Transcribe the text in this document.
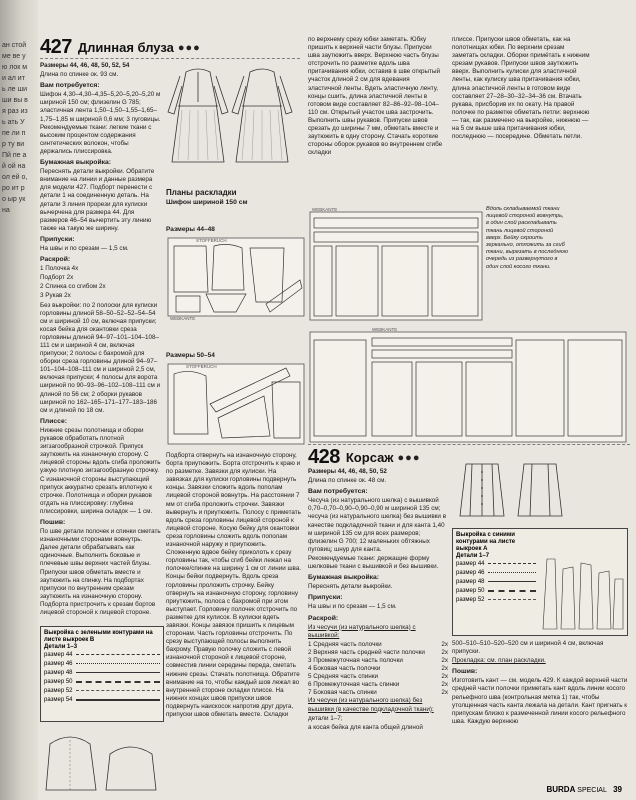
ан стой ме ве ую лок ми ал ить ле ши ши вы вя раз изь ать Упе ли пр ту ви Пй пе ай ой на ол ей о, ро ит ро ыр ук на
427 Длинная блуза ●●●

Размеры 44, 46, 48, 50, 52, 54

Длина по спинке ок. 93 см.

Вам потребуется:

Шифон 4,30–4,30–4,35–5,20–5,20–5,20 м шириной 150 см; флизелин G 785; эластичная лента 1,50–1,50–1,55–1,65–1,75–1,85 м шириной 0,6 мм; 3 пуговицы. Рекомендуемые ткани: легкие ткани с высоким процентом содержания синтетических волокон, чтобы держались плиссировка.

Бумажная выкройка:

Переснять детали выкройки. Обратите внимание на линии и данные размера для модели 427. Подборт перенести с детали 1 на соединенную деталь. На детали 3 линия прорези для кулиски вычерчена для размера 44. Для размеров 46–54 вычертить эту линию также на такую же ширину.

Припуски:

На швы и по срезам — 1,5 см.

Раскрой:

1 Полочка 4x

Подборт 2x

2 Спинка со сгибом 2x

3 Рукав 2x

Без выкройки: по 2 полоски для кулиски горловины длиной 58–50–52–52–54–54 см и шириной 10 см, включая припуски; косая бейка для окантовки среза горловины длиной 94–97–101–104–108–111 см и шириной 4 см, включая припуски; 2 полосы с бахромой для оборки среза горловины длиной 94–97–101–104–108–111 см и шириной 2,5 см, включая припуски; 4 полосы для ворота шириной по 90–93–96–102–108–111 см и длиной по 56 см; 2 оборки рукавов шириной по 162–165–171–177–183–186 см и длиной по 18 см.

Плиссе:

Нижние срезы полотнища и оборки рукавов обработать плотной зигзагообразной строчкой. Припуск заутюжить на изнаночную сторону. С лицевой стороны вдоль сгиба проложить узкую плотную зигзагообразную строчку. С изнаночной стороны выступающий припуск аккуратно срезать вплотную к строчке. Полотнища и оборки рукавов отдать на плиссировку: глубина плиссировки, ширина складок — 1 см.

Пошив:

По шве детали полочек и спинки сметать изнаночными сторонами вовнутрь. Далее детали обрабатывать как одиночные. Выполнить боковые и плечевые швы верхних частей блузы. Припуски швов обметать вместе и заутюжить на спинку. На подбортах припуски по внутренним срезам заутюжить на изнаночную сторону. Подборта пристрочить к срезам бортов лицевой стороной к лицевой стороне.

Выкройка с зелеными контурами на листе выкроек В
Детали 1–3
размер 44
размер 46
размер 48
размер 50
размер 52
размер 54
Планы раскладки
Шифон шириной 150 см
Размеры 44–48
Размеры 50–54
STOFFBRUCH
WEBKANTE
STOFFBRUCH
WEBKANTE	Вдоль складываемой ткани лицевой стороной вовнутрь, в один слой раскладывать ткань лицевой стороной вверх. Бейку скроить зеркально, отложить за сгиб ткани, вырезать в последнюю очередь из развернутого в один слой косого ткани.
WEBKANTE
Подборта отвернуть на изнаночную сторону, борта приутюжить. Борта отстрочить к краю и по разметке. Завязки для кулиски. На завязках для кулиски горловины подвернуть концы. Завязки сложить вдоль пополам лицевой стороной вовнутрь. На расстоянии 7 мм от сгиба проложить строчки. Завязки вывернуть и приутюжить. Полосу с приметать вдоль среза горловины лицевой стороной к лицевой стороне. Косую бейку для окантовки среза горловины сложить вдоль пополам изнаночной наружу и приутюжить. Сложенную вдвое бейку приколоть к срезу горловины так, чтобы сгиб бейки лежал на полочке/спинке на ширину 1 см от линии шва. Концы бейки подвернуть. Вдоль среза горловины проложить строчку. Бейку отвернуть на изнаночную сторону, горловину приутюжить, полоса с бахромой при этом выступает. Горловину полочек отстрочить по разметке для кулисок. В кулиски вдеть завязки. Концы завязок пришить к лицевым сторонам. Часть горловины отстрочить. По срезу выступающей полосы выполнить бахрому. Правую полочку сложить с левой изнаночной стороной к лицевой стороне, совместив линии середины переда, сметать нижние срезы. Стачать полотнища. Обратите внимание на то, чтобы каждый шов лежал во внутренней стороне складки плиссе. На нижних концах швов припуски швов подвернуть наискосок напротив друг друга, припуски швов обметать вместе. Складки
по верхнему срезу юбки заметать. Юбку пришить к верхней части блузы. Припуски шва заутюжить вверх. Верхнюю часть блузы отстрочить по разметке вдоль шва притачивания юбки, оставив в шве открытый участок длиной 2 см для вдевания эластичной ленты. Вдеть эластичную ленту, концы сшить, длина эластичной ленты в готовом виде составляет 82–86–92–98–104–110 см. Открытый участок шва застрочить. Выполнить швы рукавов. Припуски швов срезать до ширины 7 мм, обметать вместе и заутюжить в одну сторону. Стачать короткие стороны оборок рукавов во внутреннем сгибе складки
плиссе. Припуски швов обметать, как на полотнищах юбки. По верхним срезам заметать складки. Оборки примётать к нижним срезам рукавов. Припуски швов заутюжить вверх. Выполнить кулиски для эластичной ленты, как кулиску шва притачивания юбки, длина эластичной ленты в готовом виде составляет 27–28–30–32–34–36 см. Втачать рукава, присборив их по окату. На правой полочке по разметке обметать петли: верхнюю — так, как размечено на выкройке, нижнюю — на 5 см выше шва притачивания юбки, последнюю — посередине. Обметать петли.
428 Корсаж ●●●

Размеры 44, 46, 48, 50, 52

Длина по спинке ок. 48 см.

Вам потребуется:

Чесуча (из натурального шелка) с вышивкой 0,70–0,70–0,90–0,90–0,90 м шириной 135 см; чесуча (из натурального шелка) без вышивки в качестве подкладочной ткани и для канта 1,40 м шириной 135 см для всех размеров; флизелин G 700; 12 маленьких обтяжных пуговиц; шнур для канта.

Рекомендуемые ткани: держащие форму шелковые ткани с вышивкой и без вышивки.

Бумажная выкройка:

Переснять детали выкройки.

Припуски:

На швы и по срезам — 1,5 см.

Раскрой:

Из чесучи (из натурального шелка) с вышивкой:

1 Средняя часть полочки	2x
2 Верхняя часть средней части полочки	2x
3 Промежуточная часть полочки	2x
4 Боковая часть полочки	2x
5 Средняя часть спинки	2x
6 Промежуточная часть спинки	2x
7 Боковая часть спинки	2x

Из чесучи (из натурального шелка) без вышивки (в качестве подкладочной ткани):

детали 1–7;

а косая бейка для канта общей длиной

Выкройка с синими контурами на листе выкроек А
Детали 1–7
размер 44
размер 46
размер 48
размер 50
размер 52

500–510–510–520–520 см и шириной 4 см, включая припуски.

Прокладка: см. план раскладки.

Пошив:

Изготовить кант — см. модель 429. К каждой верхней части средней части полочки приметать кант вдоль линии косого рельефного шва (контрольная метка 1) так, чтобы утолщенная часть канта лежала на детали. Кант пригнать к припускам близко к размеченной линии косого рельефного шва. Каждую верхнюю

BURDA SPECIAL 39
